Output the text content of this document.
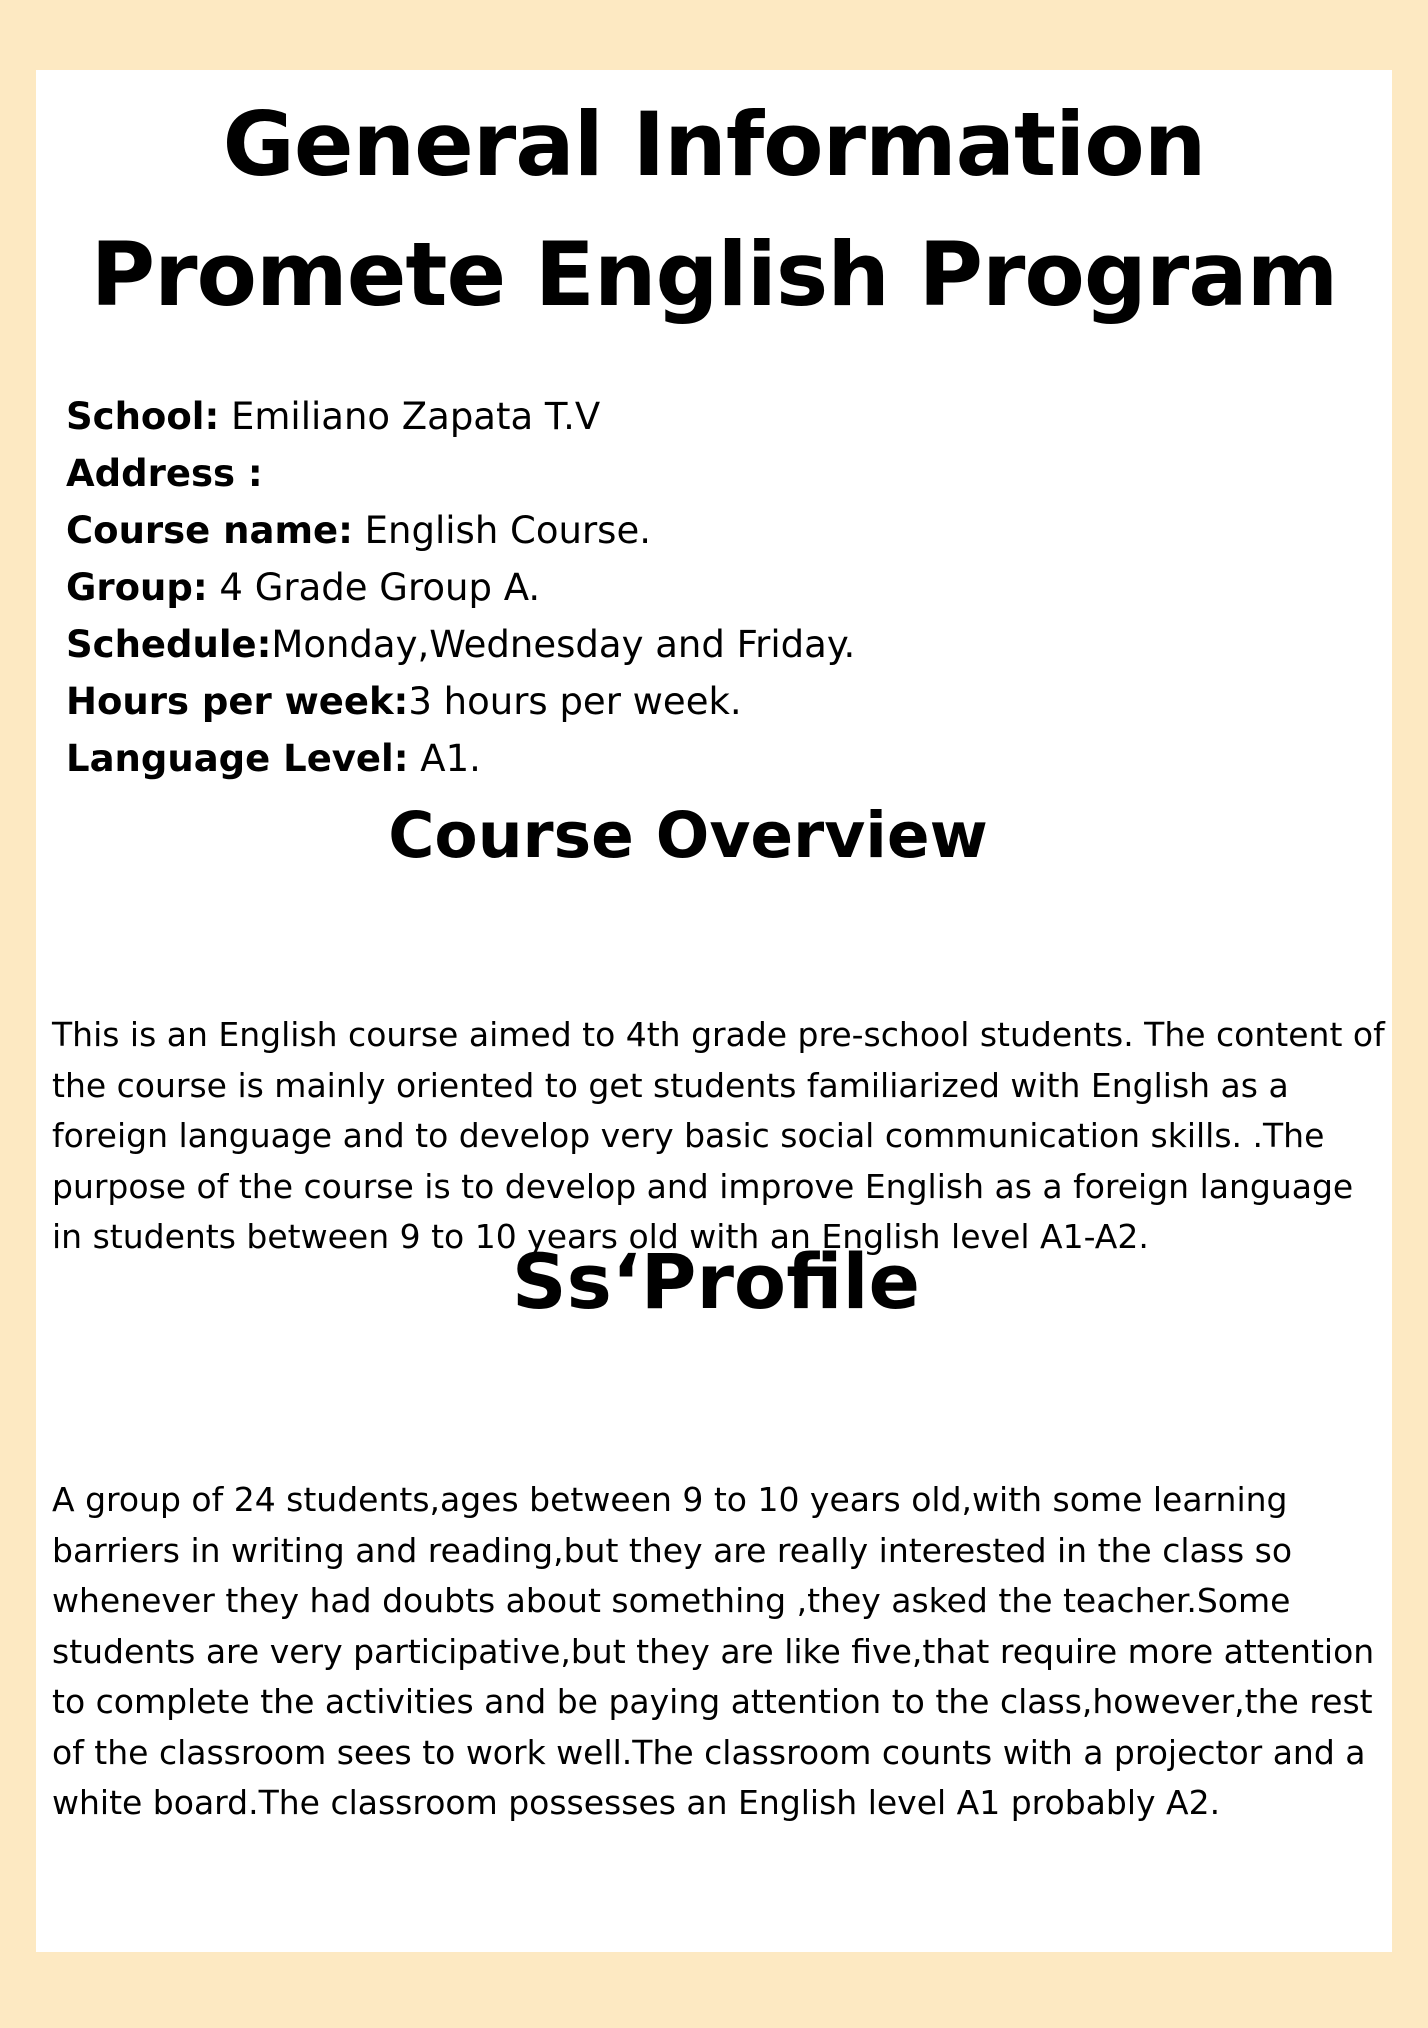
General Information
Promete English Program
School: Emiliano Zapata T.V
Address :
Course name: English Course.
Group: 4 Grade Group A.
Schedule:Monday,Wednesday and Friday.
Hours per week:3 hours per week.
Language Level: A1.
Course Overview

This is an English course aimed to 4th grade pre-school students. The content of
the course is mainly oriented to get students familiarized with English as a
foreign language and to develop very basic social communication skills. .The
purpose of the course is to develop and improve English as a foreign language
in students between 9 to 10 years old with an English level A1-A2.

Ss‘Profile

A group of 24 students,ages between 9 to 10 years old,with some learning
barriers in writing and reading,but they are really interested in the class so
whenever they had doubts about something ,they asked the teacher.Some
students are very participative,but they are like five,that require more attention
to complete the activities and be paying attention to the class,however,the rest
of the classroom sees to work well.The classroom counts with a projector and a
white board.The classroom possesses an English level A1 probably A2.
